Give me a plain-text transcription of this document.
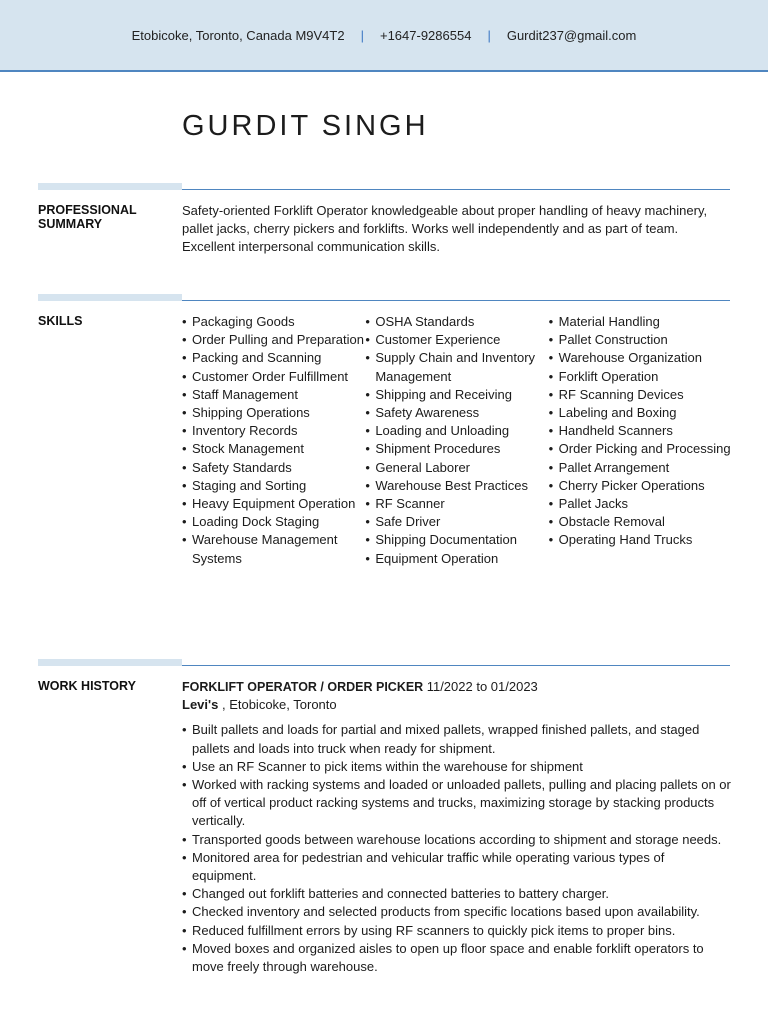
Etobicoke, Toronto, Canada M9V4T2 | +1647-9286554 | Gurdit237@gmail.com
GURDIT SINGH
PROFESSIONAL SUMMARY

Safety-oriented Forklift Operator knowledgeable about proper handling of heavy machinery, pallet jacks, cherry pickers and forklifts. Works well independently and as part of team. Excellent interpersonal communication skills.

SKILLS
•	Packaging Goods
• Order Pulling and Preparation
• Packing and Scanning
• Customer Order Fulfillment
• Staff Management
• Shipping Operations
• Inventory Records
• Stock Management
• Safety Standards
• Staging and Sorting
• Heavy Equipment Operation
• Loading Dock Staging
• Warehouse Management Systems
• OSHA Standards
• Customer Experience
• Supply Chain and Inventory Management
• Shipping and Receiving
• Safety Awareness
• Loading and Unloading
• Shipment Procedures
• General Laborer
• Warehouse Best Practices
• RF Scanner
• Safe Driver
• Shipping Documentation
• Equipment Operation
• Material Handling
• Pallet Construction
• Warehouse Organization
• Forklift Operation
• RF Scanning Devices
• Labeling and Boxing
• Handheld Scanners
• Order Picking and Processing
• Pallet Arrangement
• Cherry Picker Operations
• Pallet Jacks
• Obstacle Removal
• Operating Hand Trucks
WORK HISTORY	FORKLIFT OPERATOR / ORDER PICKER 11/2022 to 01/2023
Levi's , Etobicoke, Toronto
• Built pallets and loads for partial and mixed pallets, wrapped finished pallets, and staged pallets and loads into truck when ready for shipment.
• Use an RF Scanner to pick items within the warehouse for shipment
• Worked with racking systems and loaded or unloaded pallets, pulling and placing pallets on or off of vertical product racking systems and trucks, maximizing storage by stacking products vertically.
• Transported goods between warehouse locations according to shipment and storage needs.
• Monitored area for pedestrian and vehicular traffic while operating various types of equipment.
• Changed out forklift batteries and connected batteries to battery charger.
• Checked inventory and selected products from specific locations based upon availability.
• Reduced fulfillment errors by using RF scanners to quickly pick items to proper bins.
• Moved boxes and organized aisles to open up floor space and enable forklift operators to move freely through warehouse.
